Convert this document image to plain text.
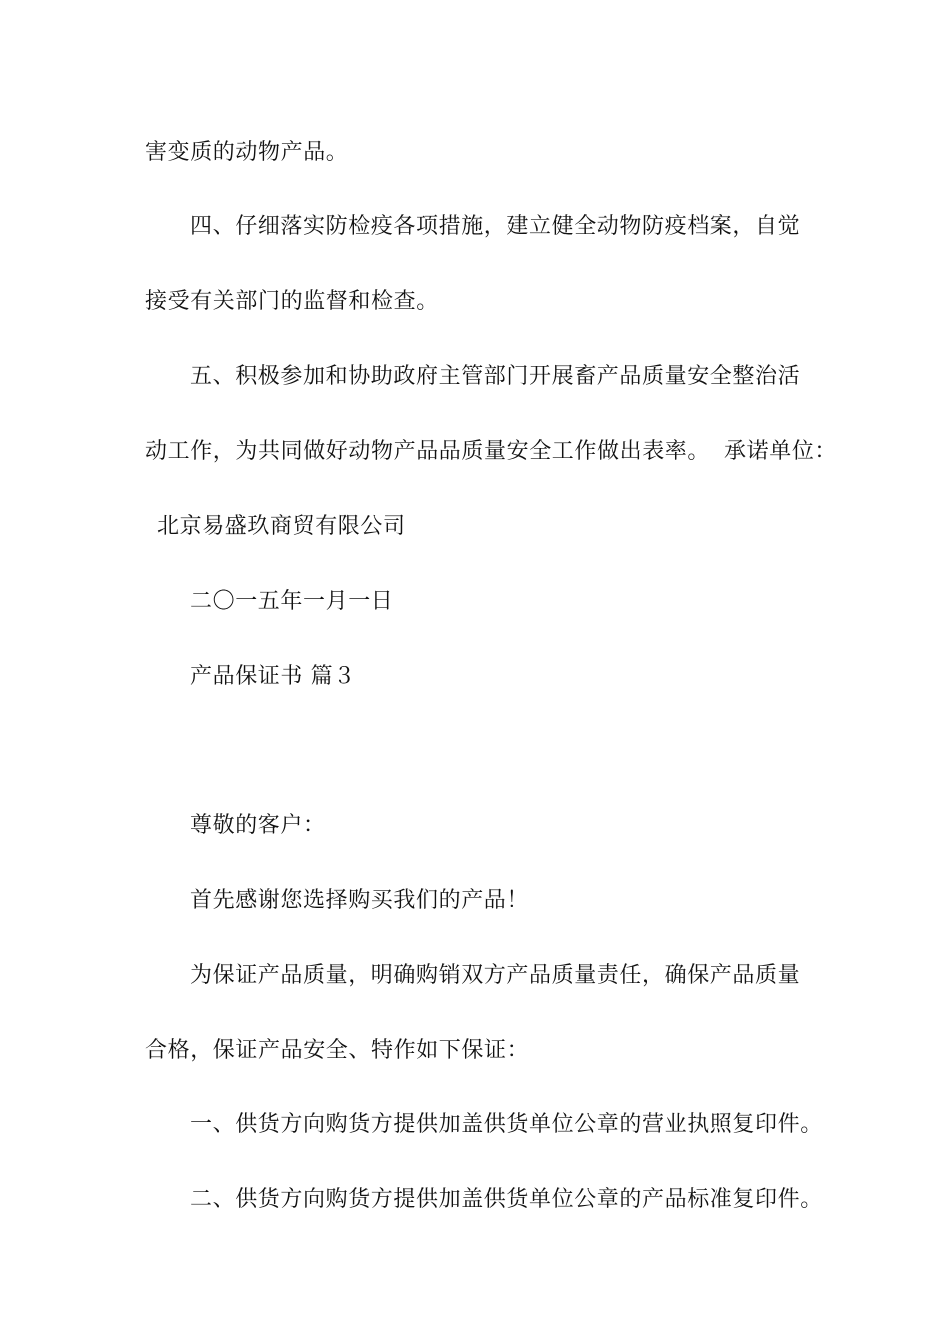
害变质的动物产品。
四、仔细落实防检疫各项措施，建立健全动物防疫档案，自觉
接受有关部门的监督和检查。
五、积极参加和协助政府主管部门开展畜产品质量安全整治活
动工作，为共同做好动物产品品质量安全工作做出表率。 承诺单位：
北京易盛玖商贸有限公司
二〇一五年一月一日
产品保证书 篇３
尊敬的客户：
首先感谢您选择购买我们的产品！
为保证产品质量，明确购销双方产品质量责任，确保产品质量
合格，保证产品安全、特作如下保证：
一、供货方向购货方提供加盖供货单位公章的营业执照复印件。
二、供货方向购货方提供加盖供货单位公章的产品标准复印件。
